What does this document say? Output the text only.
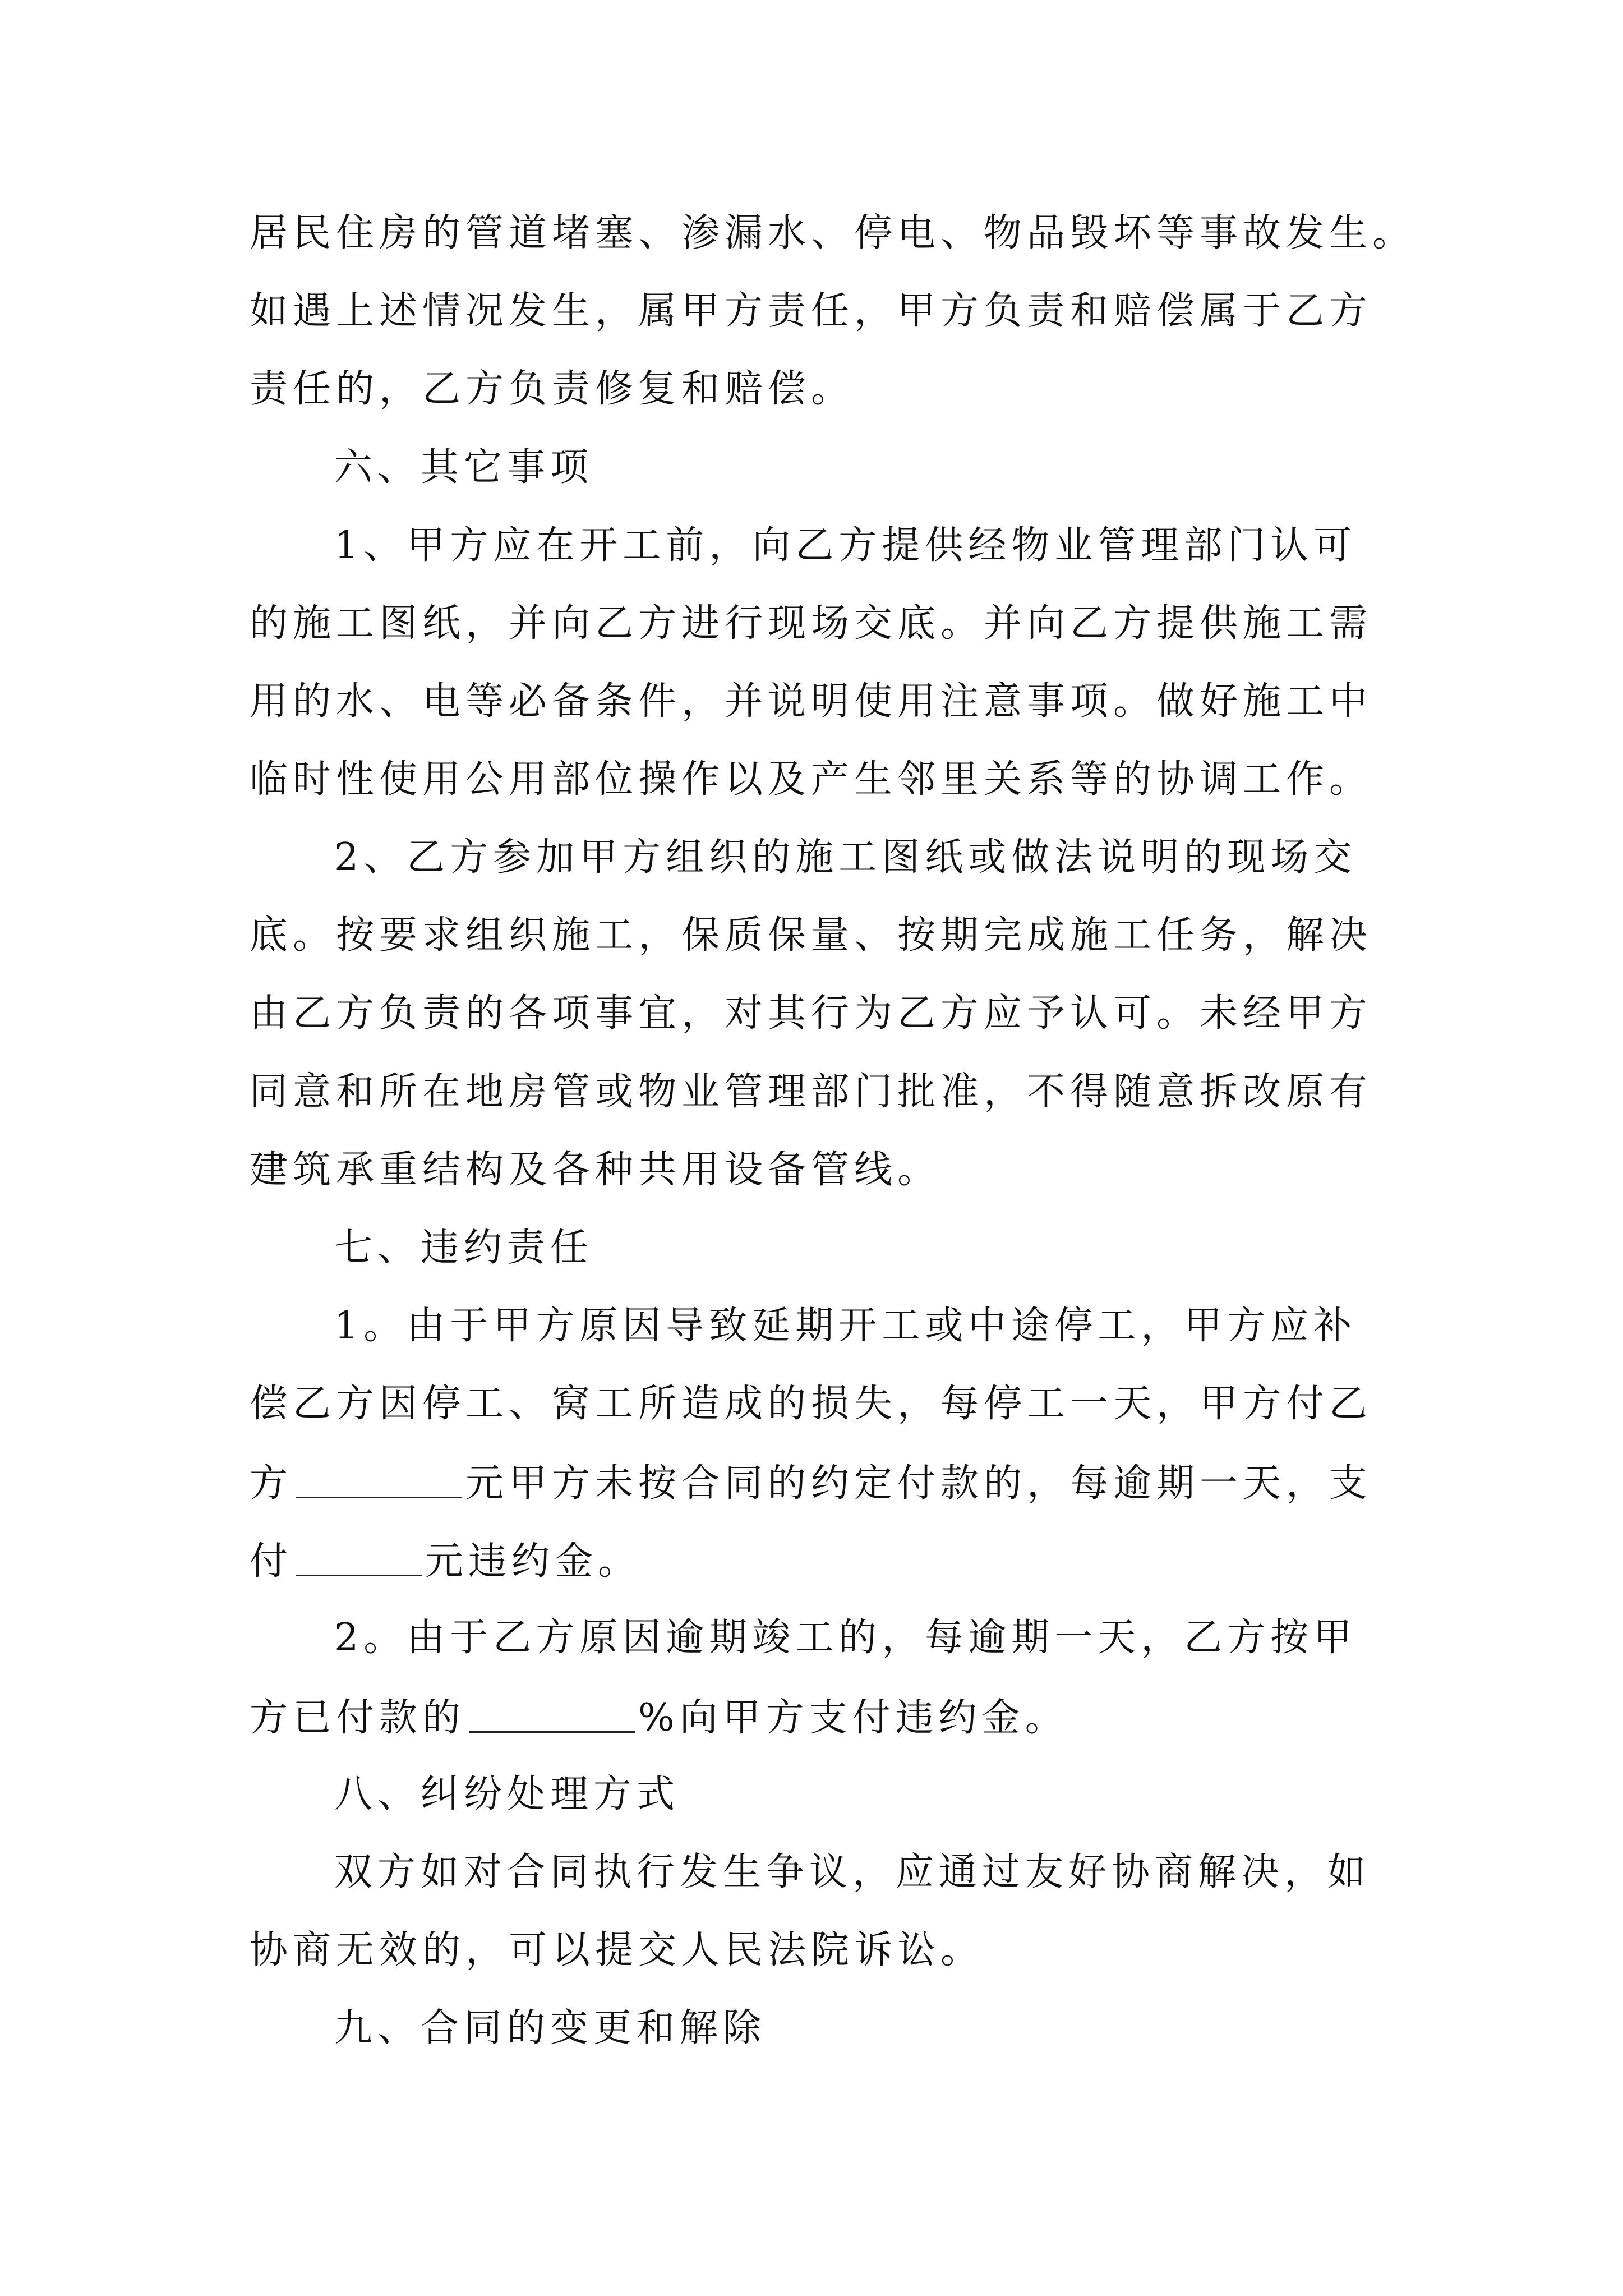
居民住房的管道堵塞、渗漏水、停电、物品毁坏等事故发生。
如遇上述情况发生，属甲方责任，甲方负责和赔偿属于乙方
责任的，乙方负责修复和赔偿。
六、其它事项
1、甲方应在开工前，向乙方提供经物业管理部门认可
的施工图纸，并向乙方进行现场交底。并向乙方提供施工需
用的水、电等必备条件，并说明使用注意事项。做好施工中
临时性使用公用部位操作以及产生邻里关系等的协调工作。
2、乙方参加甲方组织的施工图纸或做法说明的现场交
底。按要求组织施工，保质保量、按期完成施工任务，解决
由乙方负责的各项事宜，对其行为乙方应予认可。未经甲方
同意和所在地房管或物业管理部门批准，不得随意拆改原有
建筑承重结构及各种共用设备管线。
七、违约责任
1。由于甲方原因导致延期开工或中途停工，甲方应补
偿乙方因停工、窝工所造成的损失，每停工一天，甲方付乙
方	元甲方未按合同的约定付款的，每逾期一天，支
付	元违约金。
2。由于乙方原因逾期竣工的，每逾期一天，乙方按甲
方已付款的	%向甲方支付违约金。
八、纠纷处理方式
双方如对合同执行发生争议，应通过友好协商解决，如
协商无效的，可以提交人民法院诉讼。
九、合同的变更和解除
